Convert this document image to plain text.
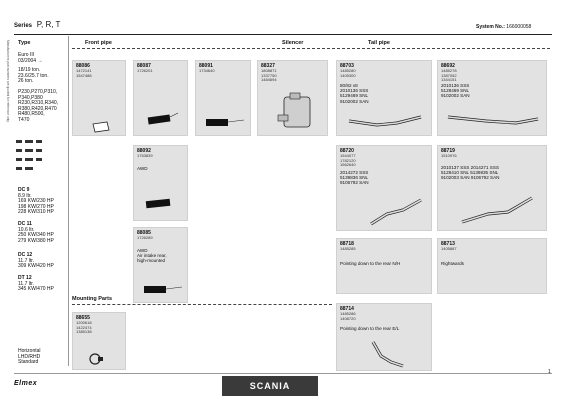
Series P, R, T	System No.: 166000058
Manufacturers part numbers are quoted for reference only Type	Front pipe	Silencer	Tail pipe
Euro III
03/2004 →
18/19 ton.
23.6/25.7 ton.
26 ton.
P230,P270,P310,
P340,P380
R230,R310,R340,
R380,R420,R470
R480,R500,
T470
DC 9
8.9 ltr.
169 KW/230 HP
198 KW/270 HP
228 KW/310 HP
DC 11
10.6 ltr.
250 KW/340 HP
279 KW/380 HP
DC 12
11.7 ltr.
309 KW/420 HP
DT 12
11.7 ltr.
345 KW/470 HP
Horizontal
LHD/RHD
Standard
88086
1472141
1547488
88087
1726201
88091
1734640
88327
1808871
1337750
1484694
88703
1485280
1405300
80/82 x8
2010136 SSS
5129469 SNL
9102002 SAN
88692
1485278
1387052
1344151
2010136 SSS
5128469 SNL
9102002 SAN
88092
1753839
AWD
88720
1544077
1782120
1562640
2014272 SSS
5139836 SNL
9106792 SAN
88719
1510976
2010137 SSS 2014271 SSS
5128410 SNL 5139835 SNL
9102003 SAN 9106792 SAN
88085
1726289
AWD
Air intake rear,
high-mounted
88718
1485285
Pointing down to the rear N/H
88713
1405887
Rightwards
Mounting Parts
88655
1200618
1422474
1385138
88714
1485286
1408720
Pointing down to the rear E/L
Elmex	SCANIA
1
